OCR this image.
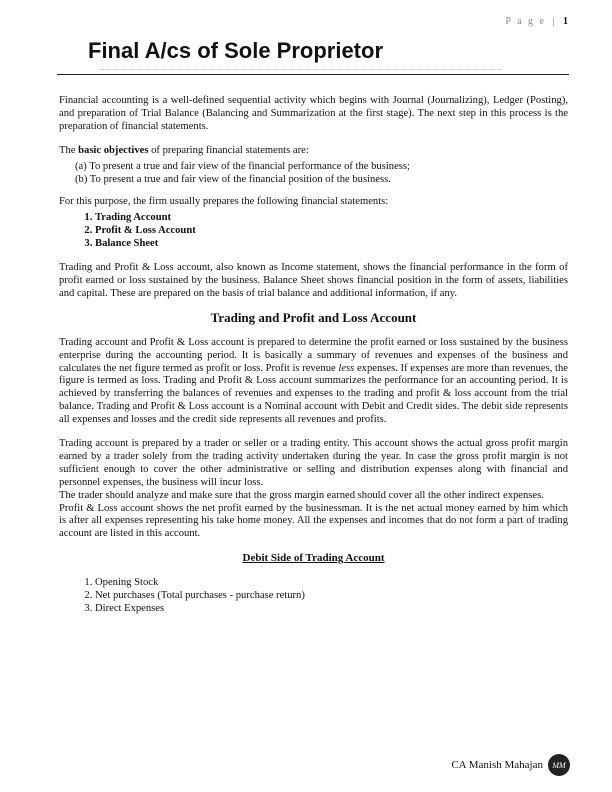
P a g e | 1
Final A/cs of Sole Proprietor

Financial accounting is a well-defined sequential activity which begins with Journal (Journalizing), Ledger (Posting), and preparation of Trial Balance (Balancing and Summarization at the first stage). The next step in this process is the preparation of financial statements.

The basic objectives of preparing financial statements are:

(a) To present a true and fair view of the financial performance of the business;
(b) To present a true and fair view of the financial position of the business.

For this purpose, the firm usually prepares the following financial statements:

1. Trading Account
2. Profit & Loss Account
3. Balance Sheet

Trading and Profit & Loss account, also known as Income statement, shows the financial performance in the form of profit earned or loss sustained by the business. Balance Sheet shows financial position in the form of assets, liabilities and capital. These are prepared on the basis of trial balance and additional information, if any.

Trading and Profit and Loss Account

Trading account and Profit & Loss account is prepared to determine the profit earned or loss sustained by the business enterprise during the accounting period. It is basically a summary of revenues and expenses of the business and calculates the net figure termed as profit or loss. Profit is revenue less expenses. If expenses are more than revenues, the figure is termed as loss. Trading and Profit & Loss account summarizes the performance for an accounting period. It is achieved by transferring the balances of revenues and expenses to the trading and profit & loss account from the trial balance. Trading and Profit & Loss account is a Nominal account with Debit and Credit sides. The debit side represents all expenses and losses and the credit side represents all revenues and profits.

Trading account is prepared by a trader or seller or a trading entity. This account shows the actual gross profit margin earned by a trader solely from the trading activity undertaken during the year. In case the gross profit margin is not sufficient enough to cover the other administrative or selling and distribution expenses along with financial and personnel expenses, the business will incur loss.

The trader should analyze and make sure that the gross margin earned should cover all the other indirect expenses.

Profit & Loss account shows the net profit earned by the businessman. It is the net actual money earned by him which is after all expenses representing his take home money. All the expenses and incomes that do not form a part of trading account are listed in this account.

Debit Side of Trading Account
1. Opening Stock
2. Net purchases (Total purchases - purchase return)
3. Direct Expenses
CA Manish Mahajan	MM
